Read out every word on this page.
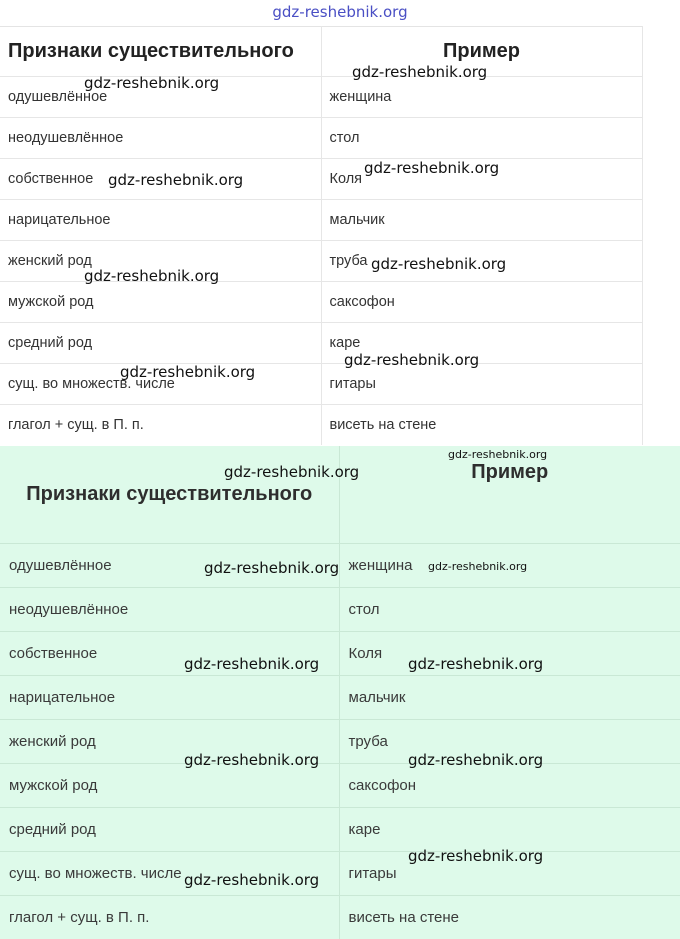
gdz-reshebnik.org
Признаки существительного	Пример
одушевлённое	женщина
неодушевлённое	стол
собственное	Коля
нарицательное	мальчик
женский род	труба
мужской род	саксофон
средний род	каре
сущ. во множеств. числе	гитары
глагол + сущ. в П. п.	висеть на стене
Признаки существительного	Пример
одушевлённое	женщина
неодушевлённое	стол
собственное	Коля
нарицательное	мальчик
женский род	труба
мужской род	саксофон
средний род	каре
сущ. во множеств. числе	гитары
глагол + сущ. в П. п.	висеть на стене
gdz-reshebnik.org
gdz-reshebnik.org
gdz-reshebnik.org
gdz-reshebnik.org
gdz-reshebnik.org
gdz-reshebnik.org
gdz-reshebnik.org
gdz-reshebnik.org
gdz-reshebnik.org
gdz-reshebnik.org
gdz-reshebnik.org	gdz-reshebnik.org
gdz-reshebnik.org	gdz-reshebnik.org
gdz-reshebnik.org	gdz-reshebnik.org
gdz-reshebnik.org
gdz-reshebnik.org
